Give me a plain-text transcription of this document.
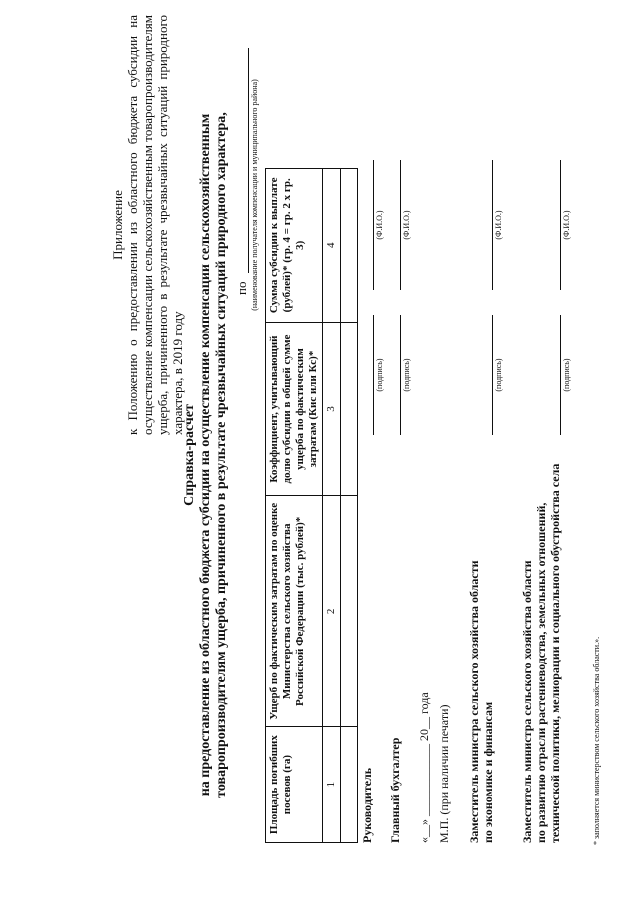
Приложение к Положению о предоставлении из областного бюджета субсидии на осуществление компенсации сельскохозяйственным товаропроизводителям ущерба, причиненного в результате чрезвычайных ситуаций природного характера, в 2019 году
Справка-расчет на предоставление из областного бюджета субсидии на осуществление компенсации сельскохозяйственным товаропроизводителям ущерба, причиненного в результате чрезвычайных ситуаций природного характера, по (наименование получателя компенсации и муниципального района)
Площадь погибших посевов (га)	Ущерб по фактическим затратам по оценке Министерства сельского хозяйства Российской Федерации (тыс. рублей)*	Коэффициент, учитывающий долю субсидии в общей сумме ущерба по фактическим затратам (Кис или Кс)*	Сумма субсидии к выплате (рублей)* (гр. 4 = гр. 2 х гр. 3)
1	2	3	4

Руководитель
(подпись)
(Ф.И.О.)
Главный бухгалтер
(подпись)
(Ф.И.О.)
«__» ____________ 20__ года М.П. (при наличии печати) Заместитель министра сельского хозяйства области по экономике и финансам
(подпись)
(Ф.И.О.)
Заместитель министра сельского хозяйства области по развитию отрасли растениеводства, земельных отношений, технической политики, мелиорации и социального обустройства села
(подпись)
(Ф.И.О.)
* заполняется министерством сельского хозяйства области.».
